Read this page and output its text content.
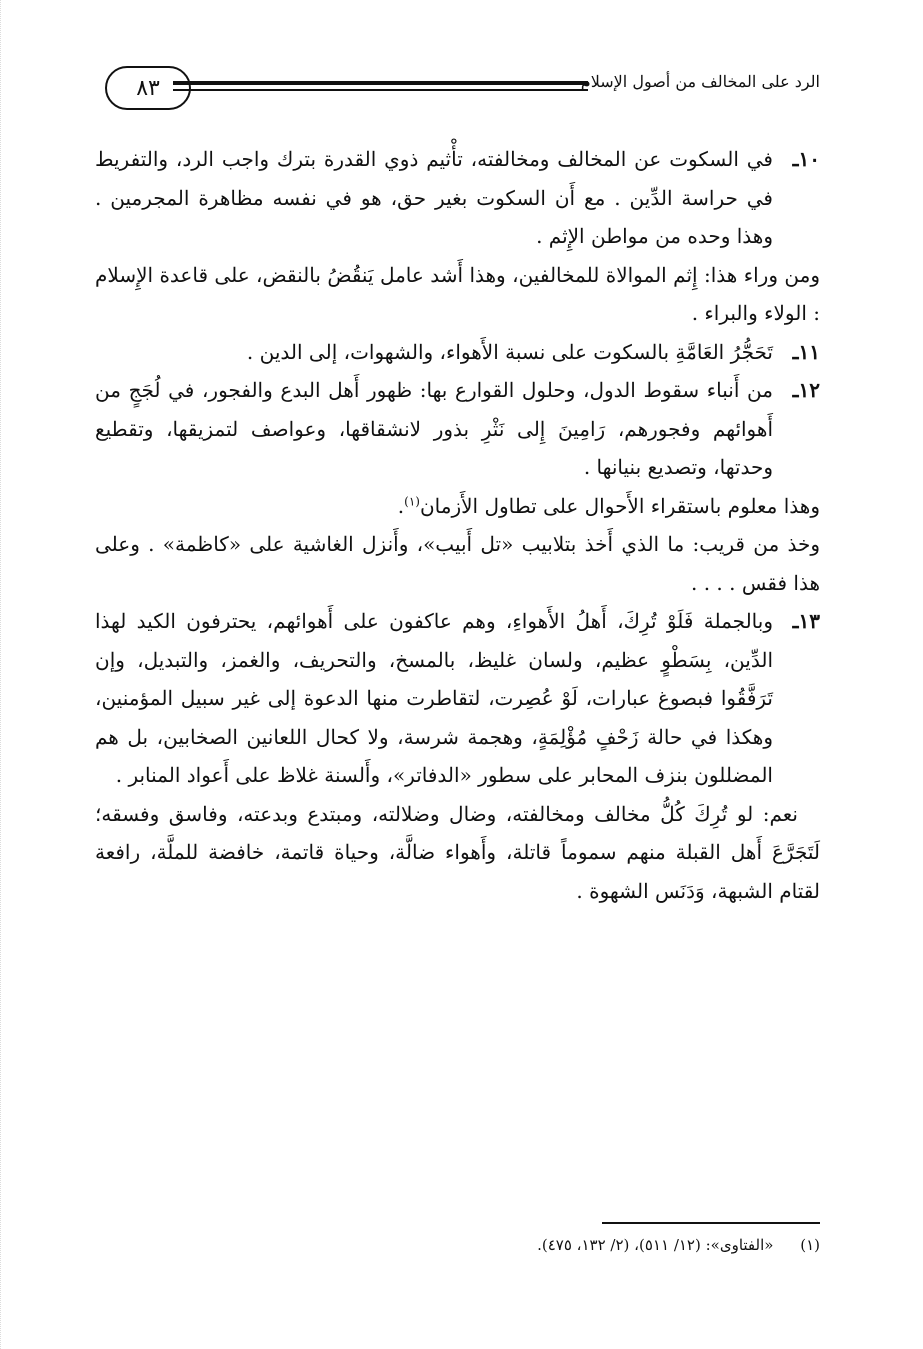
٨٣	الرد على المخالف من أصول الإسلام
١٠ـ

في السكوت عن المخالف ومخالفته، تأْثيم ذوي القدرة بترك واجب الرد، والتفريط في حراسة الدِّين . مع أَن السكوت بغير حق، هو في نفسه مظاهرة المجرمين . وهذا وحده من مواطن الإِثم .

ومن وراء هذا: إِثم الموالاة للمخالفين، وهذا أَشد عامل يَنقُضُ بالنقض، على قاعدة الإِسلام : الولاء والبراء .

١١ـ

تَحَجُّرُ العَامَّةِ بالسكوت على نسبة الأَهواء، والشهوات، إلى الدين .

١٢ـ

من أَنباء سقوط الدول، وحلول القوارع بها: ظهور أَهل البدع والفجور، في لُجَجٍ من أَهوائهم وفجورهم، رَامِينَ إِلى نَثْرِ بذور لانشقاقها، وعواصف لتمزيقها، وتقطيع وحدتها، وتصديع بنيانها .

وهذا معلوم باستقراء الأَحوال على تطاول الأَزمان$^{(١)}$.

وخذ من قريب: ما الذي أَخذ بتلابيب «تل أَبيب»، وأَنزل الغاشية على «كاظمة» . وعلى هذا فقس . . . .

١٣ـ

وبالجملة فَلَوْ تُرِكَ، أَهلُ الأَهواءِ، وهم عاكفون على أَهوائهم، يحترفون الكيد لهذا الدِّين، بِسَطْوٍ عظيم، ولسان غليظ، بالمسخ، والتحريف، والغمز، والتبديل، وإن تَرَفَّقُوا فبصوغ عبارات، لَوْ عُصِرت، لتقاطرت منها الدعوة إلى غير سبيل المؤمنين، وهكذا في حالة زَحْفٍ مُؤْلِمَةٍ، وهجمة شرسة، ولا كحال اللعانين الصخابين، بل هم المضللون بنزف المحابر على سطور «الدفاتر»، وأَلسنة غلاظ على أَعواد المنابر .

نعم: لو تُرِكَ كُلُّ مخالف ومخالفته، وضال وضلالته، ومبتدع وبدعته، وفاسق وفسقه؛ لَتَجَرَّعَ أَهل القبلة منهم سموماً قاتلة، وأَهواء ضالَّة، وحياة قاتمة، خافضة للملَّة، رافعة لقتام الشبهة، وَدَنَس الشهوة .

(١) «الفتاوى»: (١٢/ ٥١١)، (٢/ ١٣٢، ٤٧٥).
